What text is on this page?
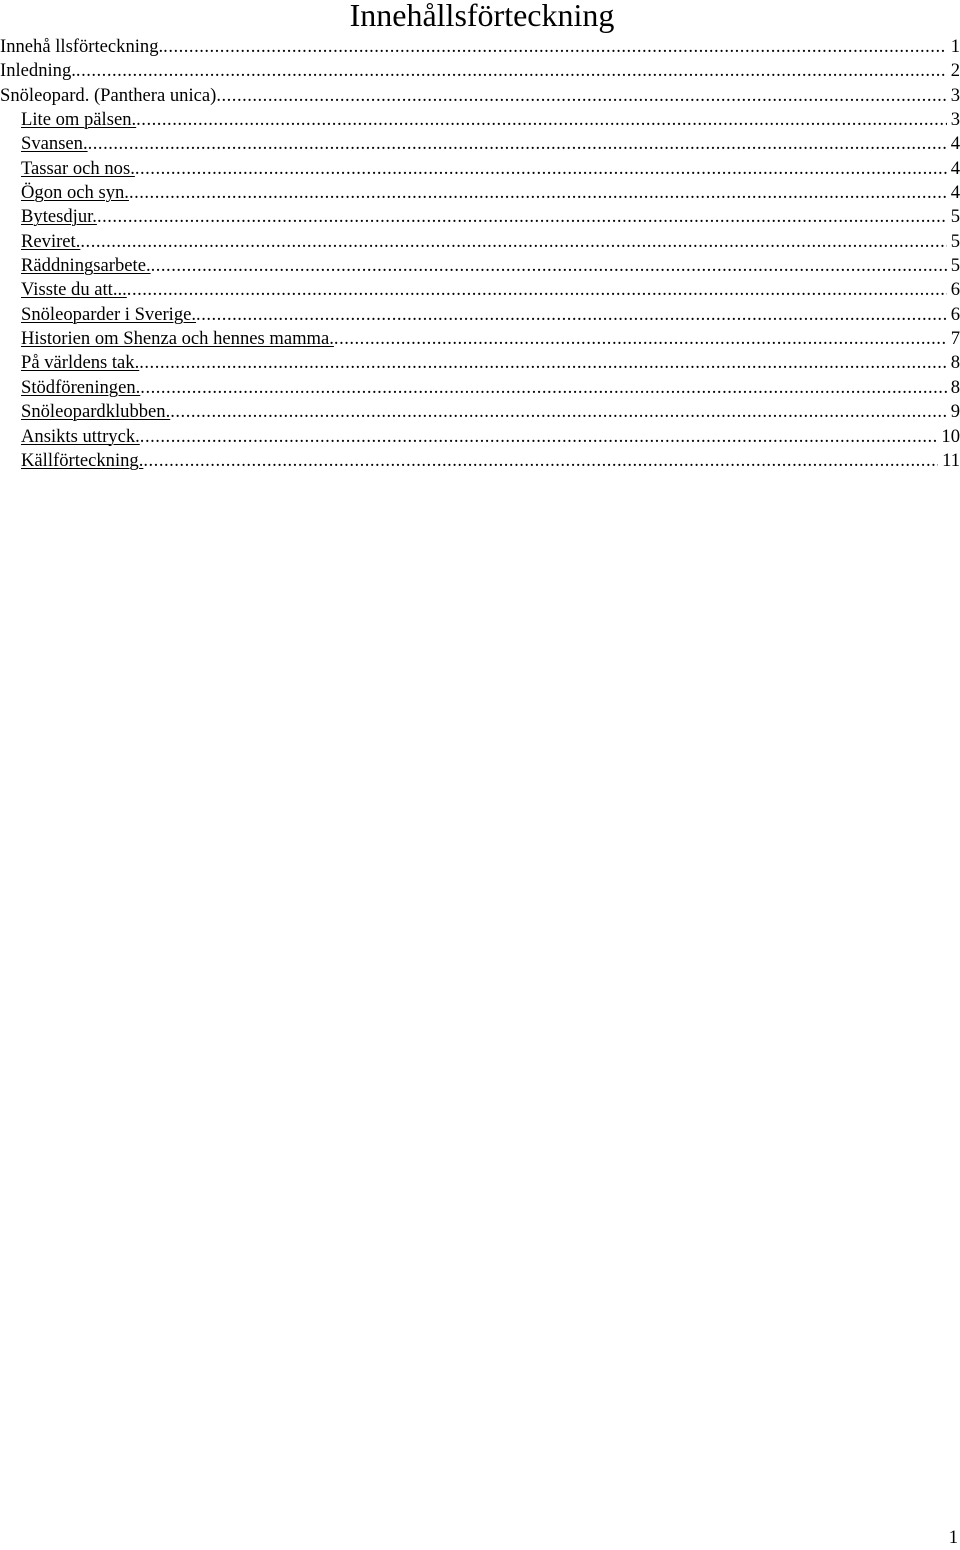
Innehållsförteckning
Innehå llsförteckning. .....	1
Inledning. .....	2
Snöleopard. (Panthera unica) .....	3
Lite om pälsen. .....	3
Svansen. .....	4
Tassar och nos. .....	4
Ögon och syn. .....	4
Bytesdjur. .....	5
Reviret. .....	5
Räddningsarbete. .....	5
Visste du att... .....	6
Snöleoparder i Sverige. .....	6
Historien om Shenza och hennes mamma. .....	7
På världens tak. .....	8
Stödföreningen. .....	8
Snöleopardklubben. .....	9
Ansikts uttryck. .....	10
Källförteckning. .....	11
1
